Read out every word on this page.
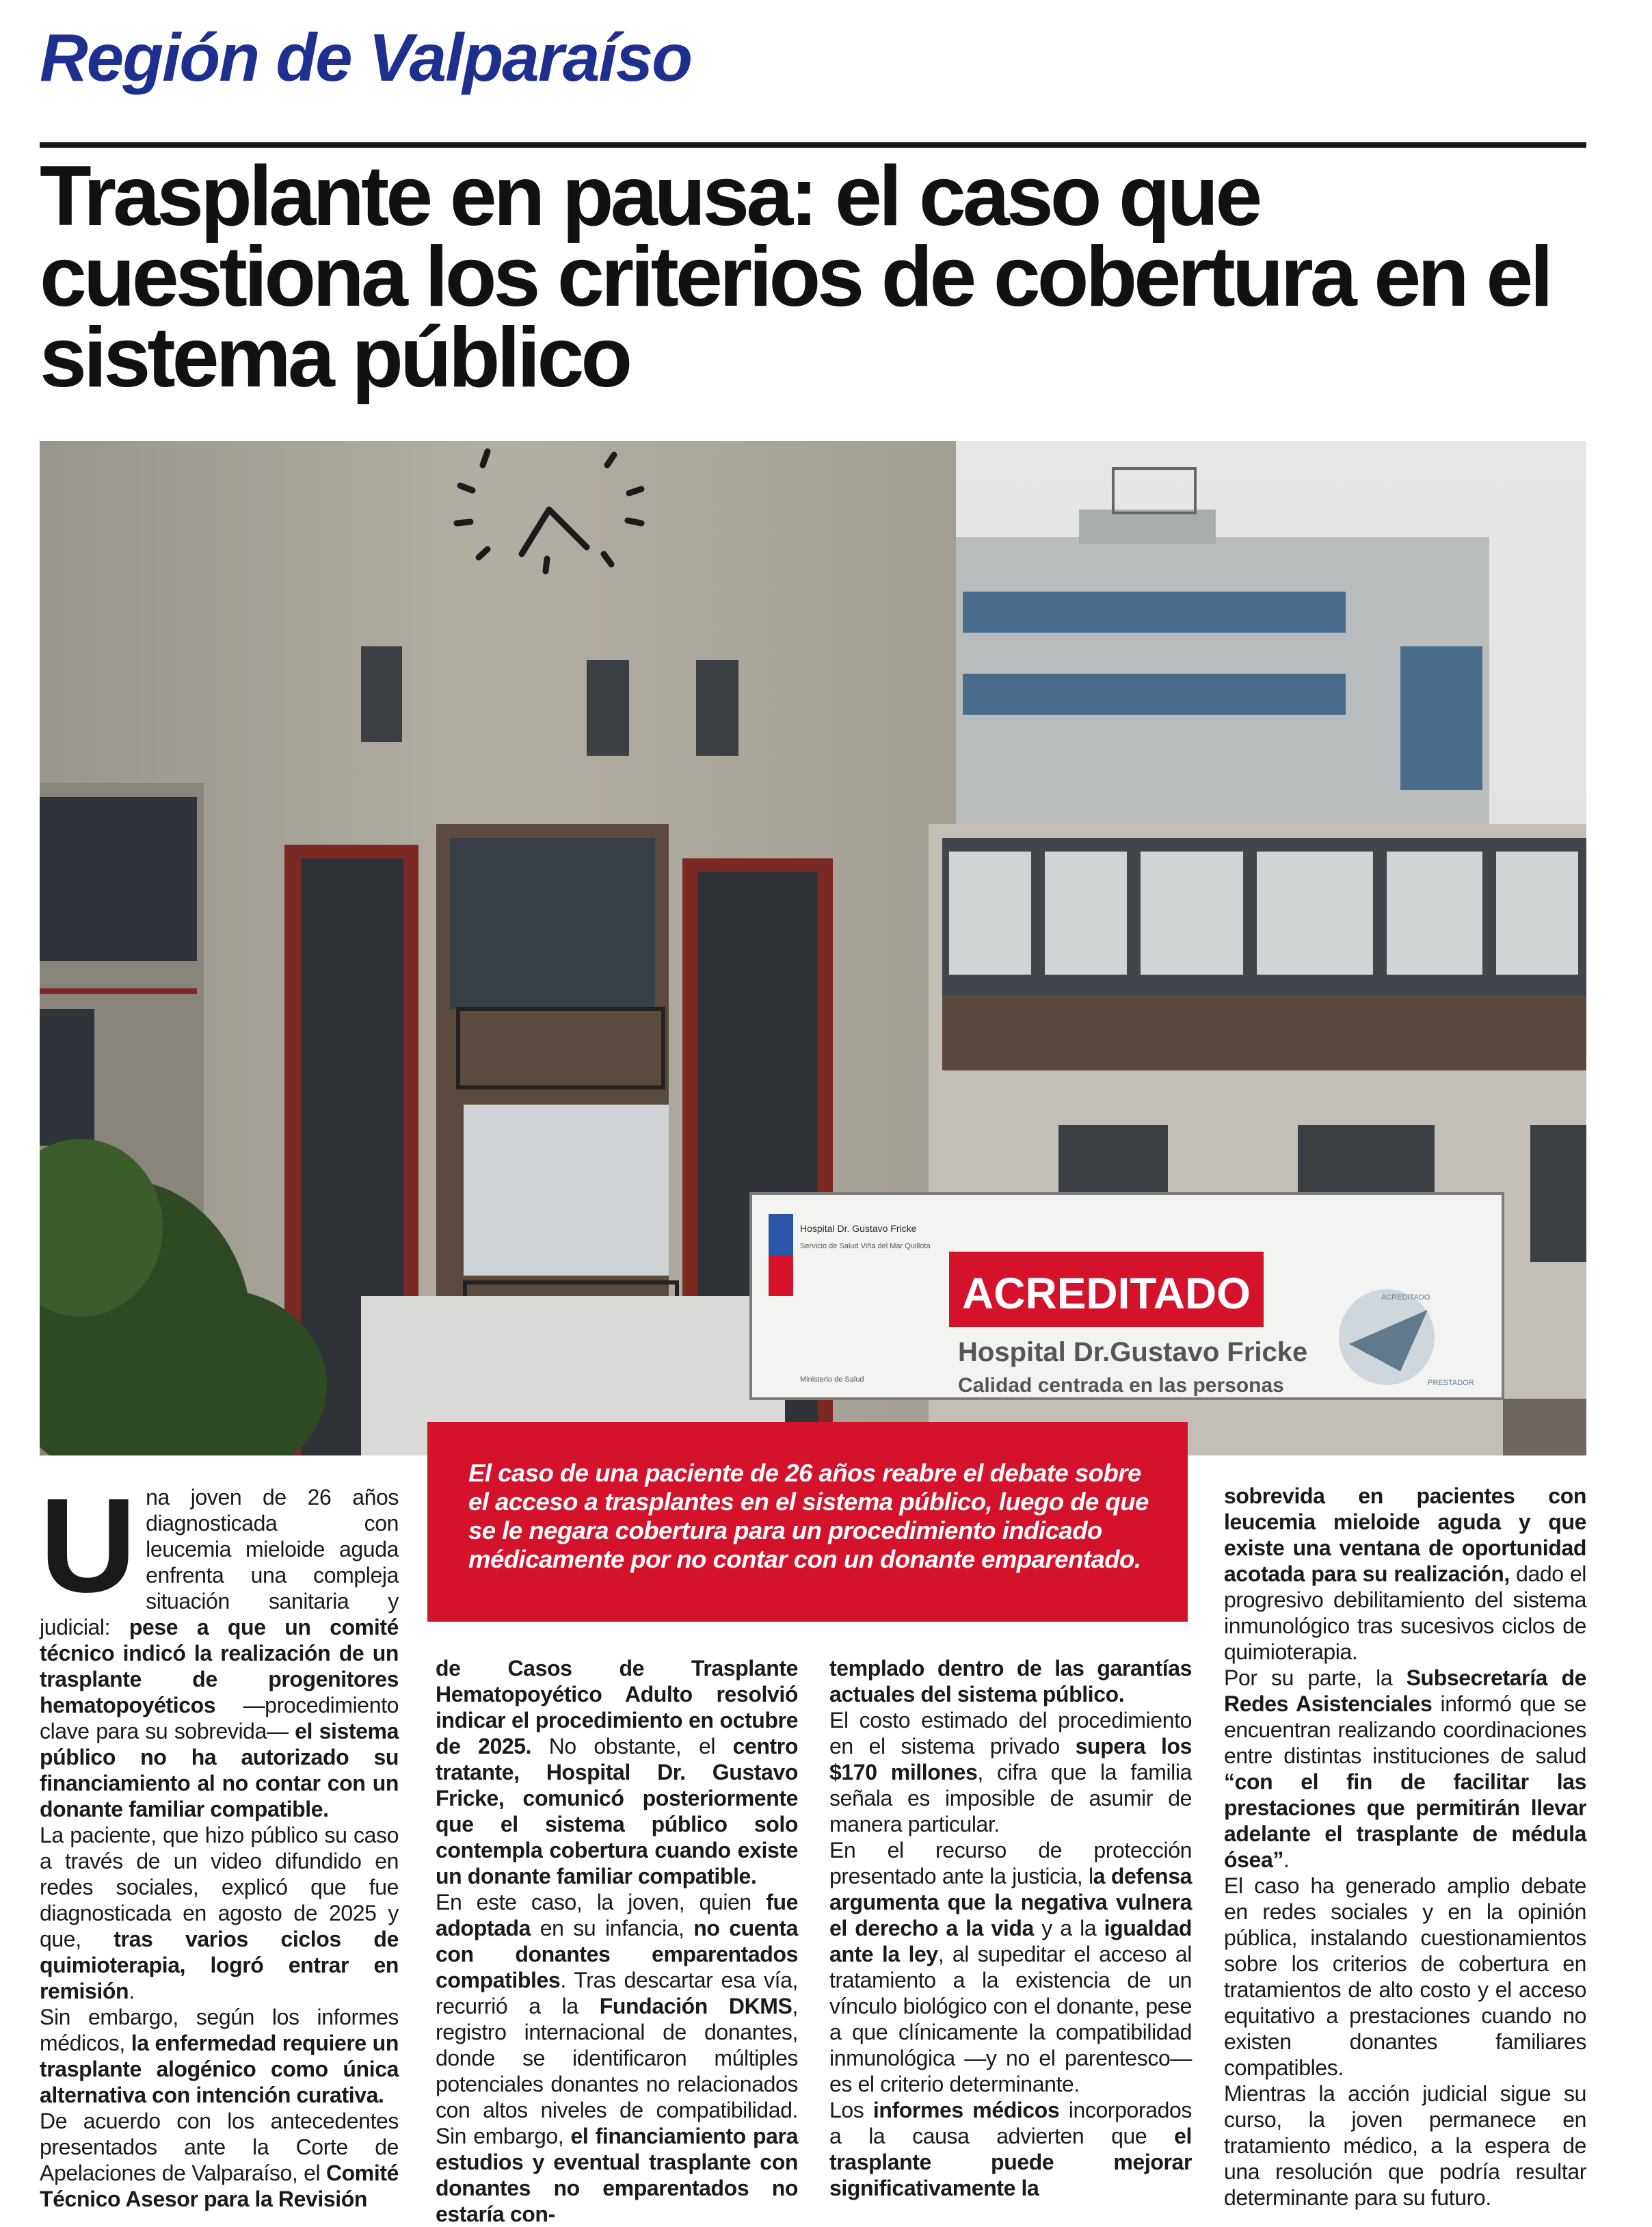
Región de Valparaíso
Trasplante en pausa: el caso que cuestiona los criterios de cobertura en el sistema público
Hospital Dr. Gustavo Fricke
Servicio de Salud Viña del Mar Quillota
Ministerio de Salud
ACREDITADO
Hospital Dr.Gustavo Fricke
Calidad centrada en las personas
ACREDITADO
PRESTADOR

El caso de una paciente de 26 años reabre el debate sobre el acceso a trasplantes en el sistema público, luego de que se le negara cobertura para un procedimiento indicado médicamente por no contar con un donante emparentado.

U na joven de 26 años diagnosticada con leucemia mieloide aguda enfrenta una compleja situación sanitaria y judicial: pese a que un comité técnico indicó la realización de un trasplante de progenitores hematopoyéticos —procedimiento clave para su sobrevida— el sistema público no ha autorizado su financiamiento al no contar con un donante familiar compatible.

La paciente, que hizo público su caso a través de un video difundido en redes sociales, explicó que fue diagnosticada en agosto de 2025 y que, tras varios ciclos de quimioterapia, logró entrar en remisión.

Sin embargo, según los informes médicos, la enfermedad requiere un trasplante alogénico como única alternativa con intención curativa.

De acuerdo con los antecedentes presentados ante la Corte de Apelaciones de Valparaíso, el Comité Técnico Asesor para la Revisión

de Casos de Trasplante Hematopoyético Adulto resolvió indicar el procedimiento en octubre de 2025. No obstante, el centro tratante, Hospital Dr. Gustavo Fricke, comunicó posteriormente que el sistema público solo contempla cobertura cuando existe un donante familiar compatible.

En este caso, la joven, quien fue adoptada en su infancia, no cuenta con donantes emparentados compatibles. Tras descartar esa vía, recurrió a la Fundación DKMS, registro internacional de donantes, donde se identificaron múltiples potenciales donantes no relacionados con altos niveles de compatibilidad. Sin embargo, el financiamiento para estudios y eventual trasplante con donantes no emparentados no estaría con-

templado dentro de las garantías actuales del sistema público.

El costo estimado del procedimiento en el sistema privado supera los $170 millones, cifra que la familia señala es imposible de asumir de manera particular.

En el recurso de protección presentado ante la justicia, la defensa argumenta que la negativa vulnera el derecho a la vida y a la igualdad ante la ley, al supeditar el acceso al tratamiento a la existencia de un vínculo biológico con el donante, pese a que clínicamente la compatibilidad inmunológica —y no el parentesco— es el criterio determinante.

Los informes médicos incorporados a la causa advierten que el trasplante puede mejorar significativamente la

sobrevida en pacientes con leucemia mieloide aguda y que existe una ventana de oportunidad acotada para su realización, dado el progresivo debilitamiento del sistema inmunológico tras sucesivos ciclos de quimioterapia.

Por su parte, la Subsecretaría de Redes Asistenciales informó que se encuentran realizando coordinaciones entre distintas instituciones de salud “con el fin de facilitar las prestaciones que permitirán llevar adelante el trasplante de médula ósea”.

El caso ha generado amplio debate en redes sociales y en la opinión pública, instalando cuestionamientos sobre los criterios de cobertura en tratamientos de alto costo y el acceso equitativo a prestaciones cuando no existen donantes familiares compatibles.

Mientras la acción judicial sigue su curso, la joven permanece en tratamiento médico, a la espera de una resolución que podría resultar determinante para su futuro.
